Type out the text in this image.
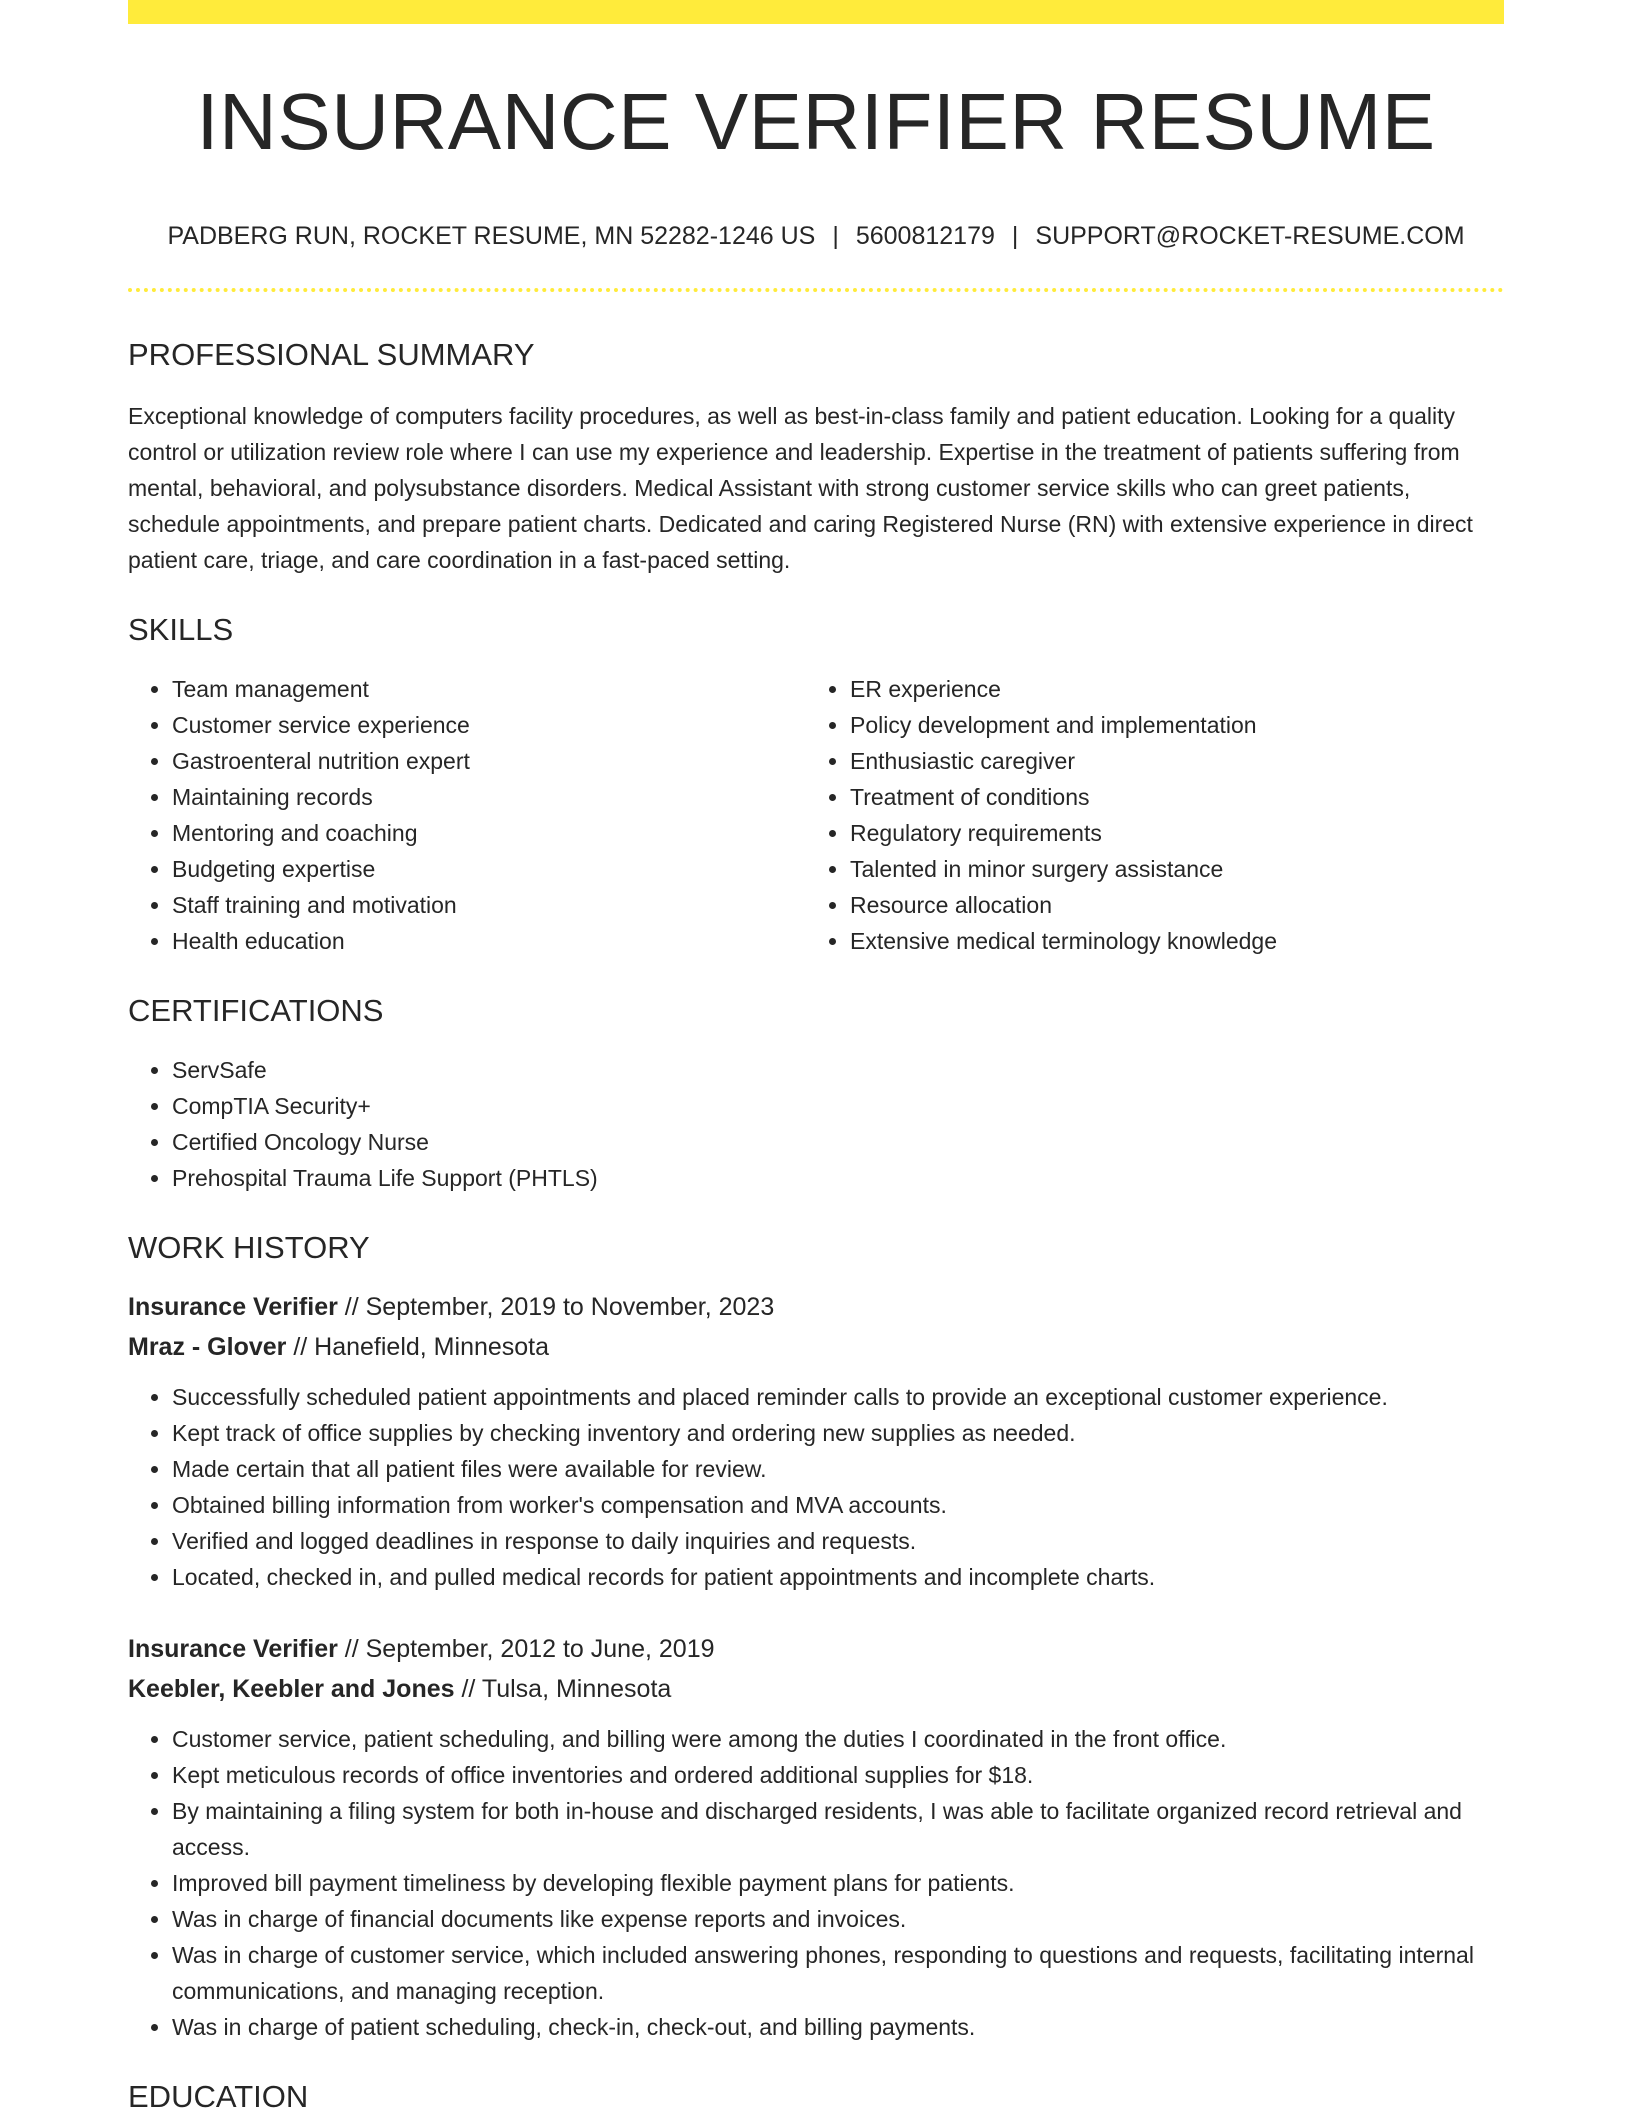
INSURANCE VERIFIER RESUME
PADBERG RUN, ROCKET RESUME, MN 52282-1246 US | 5600812179 | SUPPORT@ROCKET-RESUME.COM
PROFESSIONAL SUMMARY

Exceptional knowledge of computers facility procedures, as well as best-in-class family and patient education. Looking for a quality control or utilization review role where I can use my experience and leadership. Expertise in the treatment of patients suffering from mental, behavioral, and polysubstance disorders. Medical Assistant with strong customer service skills who can greet patients, schedule appointments, and prepare patient charts. Dedicated and caring Registered Nurse (RN) with extensive experience in direct patient care, triage, and care coordination in a fast-paced setting.

SKILLS
• Team management
• Customer service experience
• Gastroenteral nutrition expert
• Maintaining records
• Mentoring and coaching
• Budgeting expertise
• Staff training and motivation
• Health education
• ER experience
• Policy development and implementation
• Enthusiastic caregiver
• Treatment of conditions
• Regulatory requirements
• Talented in minor surgery assistance
• Resource allocation
• Extensive medical terminology knowledge
CERTIFICATIONS
• ServSafe
• CompTIA Security+
• Certified Oncology Nurse
• Prehospital Trauma Life Support (PHTLS)
WORK HISTORY
Insurance Verifier // September, 2019 to November, 2023
Mraz - Glover // Hanefield, Minnesota
• Successfully scheduled patient appointments and placed reminder calls to provide an exceptional customer experience.
• Kept track of office supplies by checking inventory and ordering new supplies as needed.
• Made certain that all patient files were available for review.
• Obtained billing information from worker's compensation and MVA accounts.
• Verified and logged deadlines in response to daily inquiries and requests.
• Located, checked in, and pulled medical records for patient appointments and incomplete charts.
Insurance Verifier // September, 2012 to June, 2019
Keebler, Keebler and Jones // Tulsa, Minnesota
• Customer service, patient scheduling, and billing were among the duties I coordinated in the front office.
• Kept meticulous records of office inventories and ordered additional supplies for $18.
• By maintaining a filing system for both in-house and discharged residents, I was able to facilitate organized record retrieval and access.
• Improved bill payment timeliness by developing flexible payment plans for patients.
• Was in charge of financial documents like expense reports and invoices.
• Was in charge of customer service, which included answering phones, responding to questions and requests, facilitating internal communications, and managing reception.
• Was in charge of patient scheduling, check-in, check-out, and billing payments.
EDUCATION
